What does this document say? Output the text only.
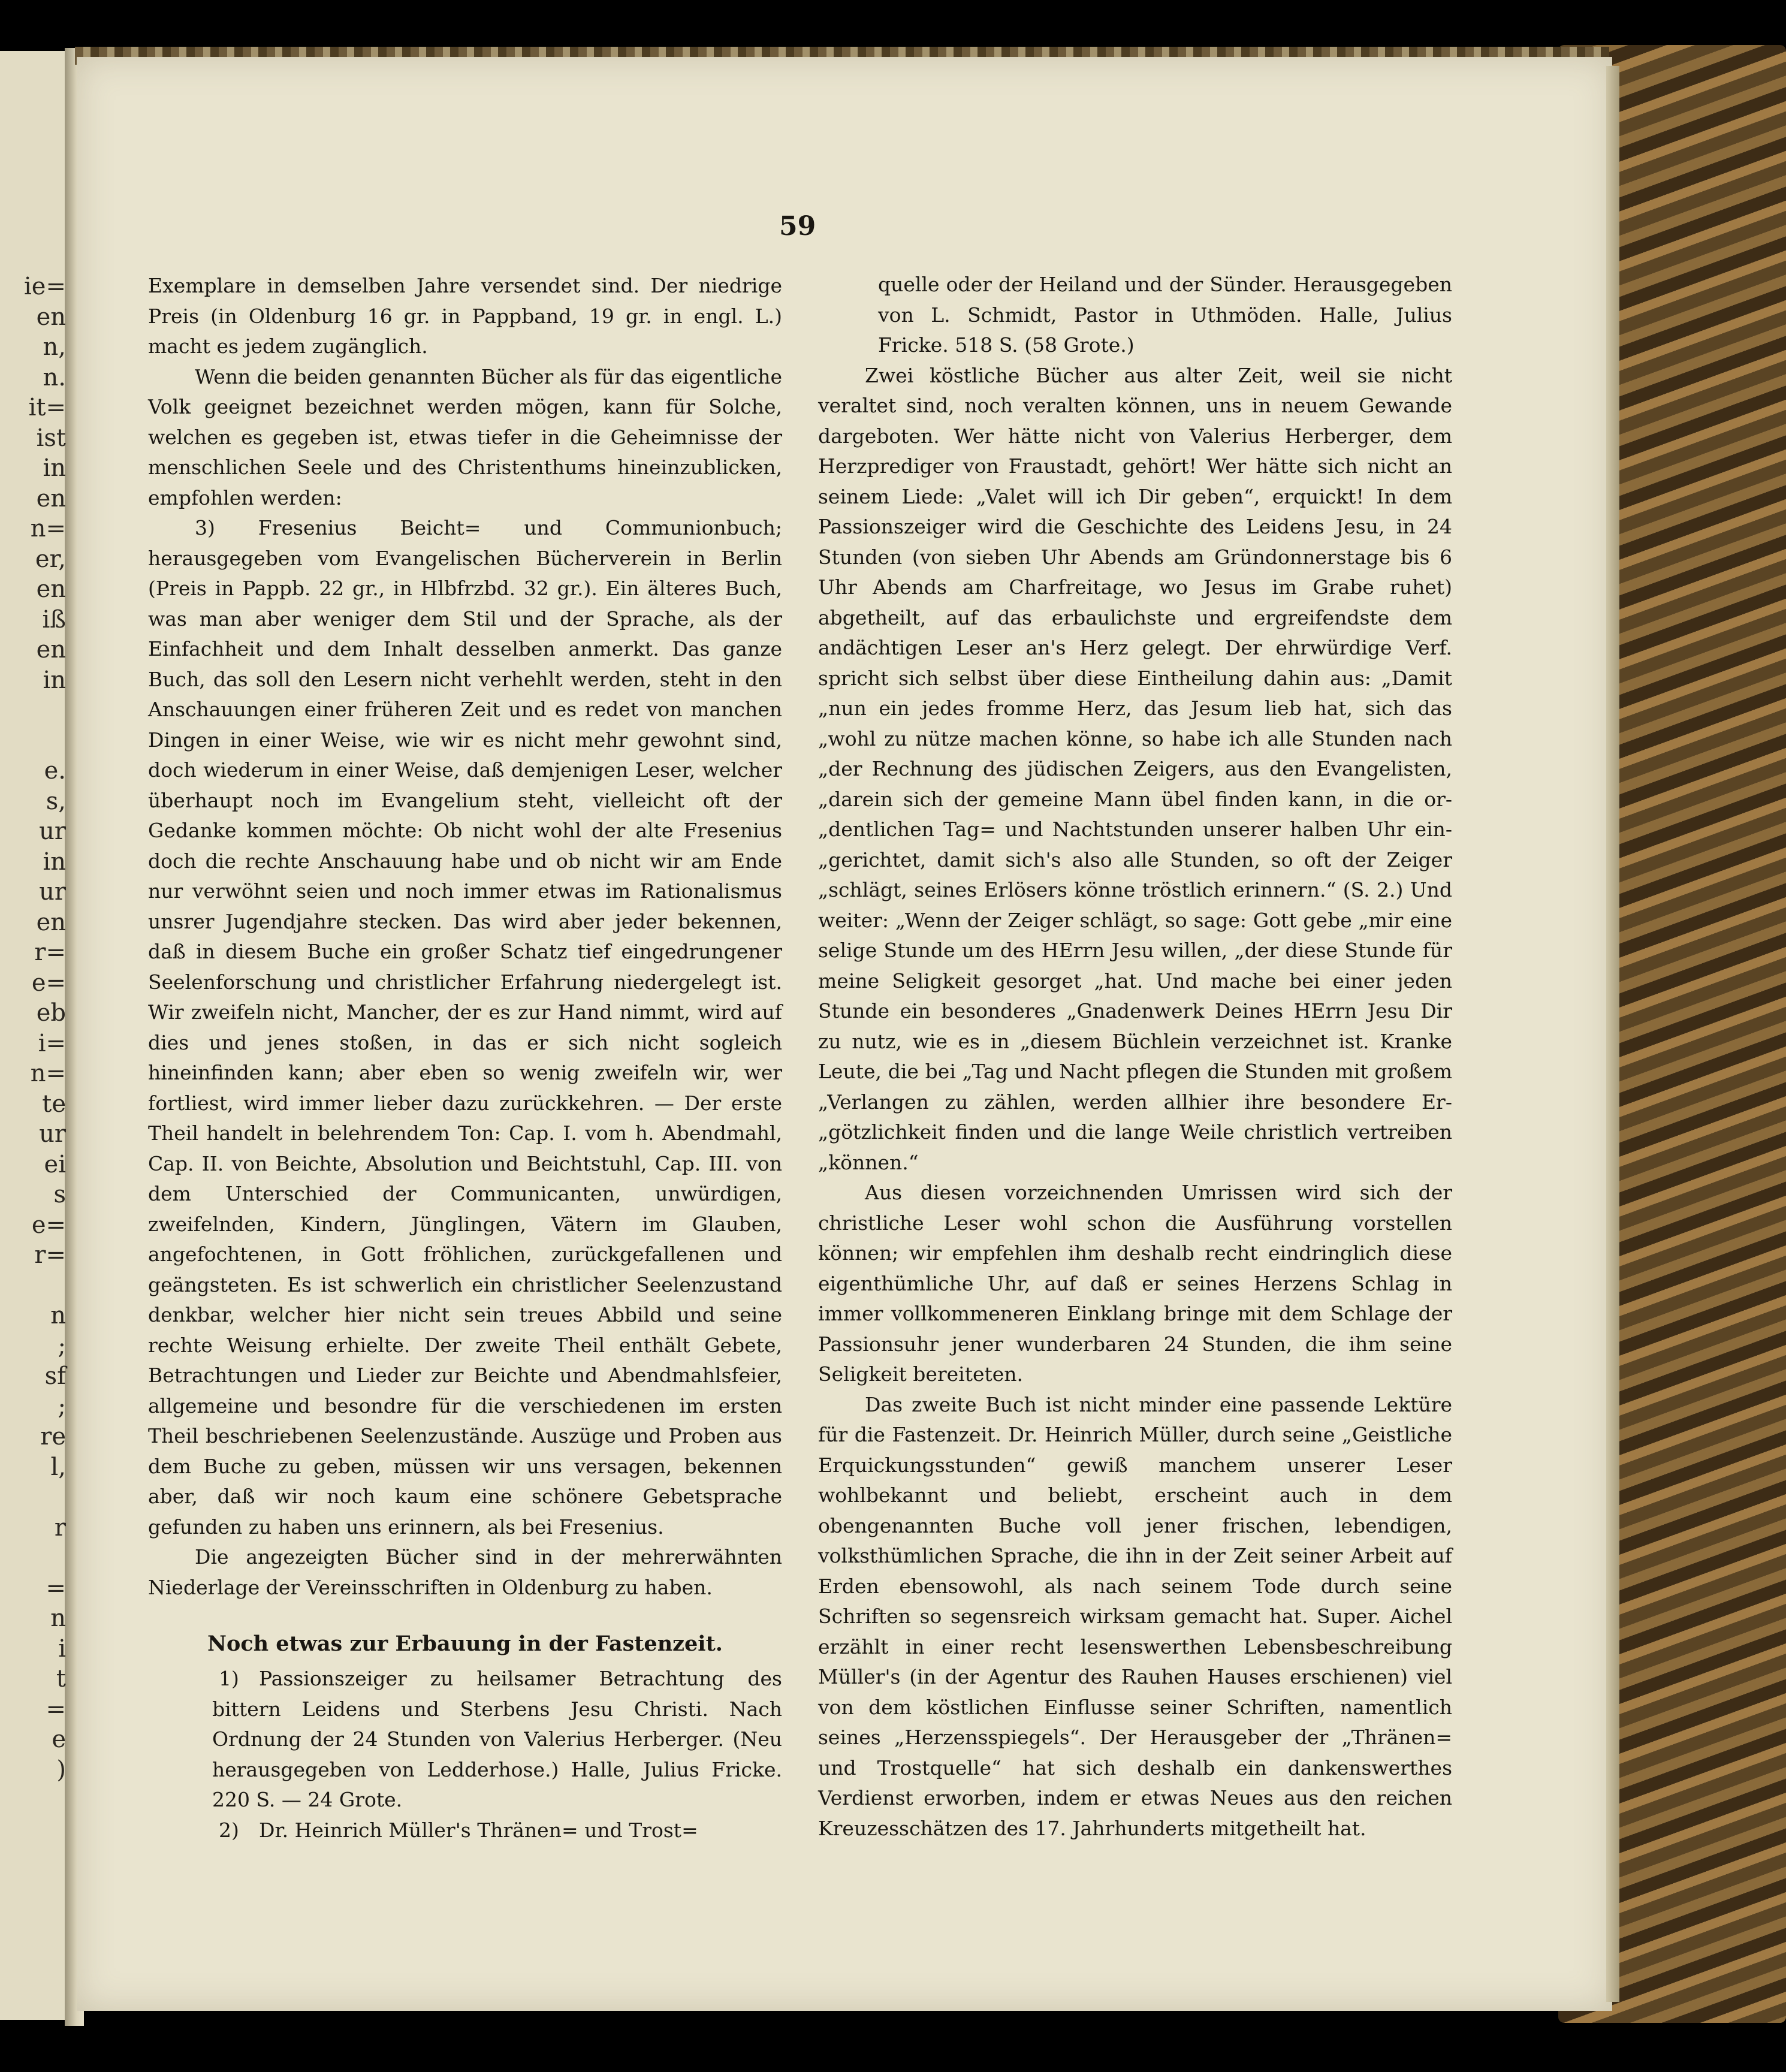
ie=
en
n,
n.
it=
ist
in
en
n=
er,
en
iß
en
in
e.
s,
ur
in
ur
en
r=
e=
eb
i=
n=
te
ur
ei
s
e=
r=
n
;
sf
;
re
l,
r
=
n
i
t
=
e
)
59

Exemplare in demselben Jahre versendet sind. Der niedrige Preis (in Oldenburg 16 gr. in Pappband, 19 gr. in engl. L.) macht es jedem zugänglich.

Wenn die beiden genannten Bücher als für das eigentliche Volk geeignet bezeichnet werden mögen, kann für Solche, welchen es gegeben ist, etwas tiefer in die Geheimnisse der menschlichen Seele und des Christenthums hineinzublicken, empfohlen werden:

3) Fresenius Beicht= und Communionbuch; herausgegeben vom Evangelischen Bücherverein in Berlin (Preis in Pappb. 22 gr., in Hlbfrzbd. 32 gr.). Ein älteres Buch, was man aber weniger dem Stil und der Sprache, als der Einfachheit und dem Inhalt desselben anmerkt. Das ganze Buch, das soll den Lesern nicht verhehlt werden, steht in den Anschauungen einer früheren Zeit und es redet von manchen Dingen in einer Weise, wie wir es nicht mehr gewohnt sind, doch wiederum in einer Weise, daß demjenigen Leser, welcher überhaupt noch im Evangelium steht, vielleicht oft der Gedanke kommen möchte: Ob nicht wohl der alte Fresenius doch die rechte Anschauung habe und ob nicht wir am Ende nur verwöhnt seien und noch immer etwas im Rationalismus unsrer Jugendjahre stecken. Das wird aber jeder bekennen, daß in diesem Buche ein großer Schatz tief eingedrungener Seelenforschung und christlicher Erfahrung niedergelegt ist. Wir zweifeln nicht, Mancher, der es zur Hand nimmt, wird auf dies und jenes stoßen, in das er sich nicht sogleich hineinfinden kann; aber eben so wenig zweifeln wir, wer fortliest, wird immer lieber dazu zurückkehren. — Der erste Theil handelt in belehrendem Ton: Cap. I. vom h. Abendmahl, Cap. II. von Beichte, Absolution und Beichtstuhl, Cap. III. von dem Unterschied der Communicanten, unwürdigen, zweifelnden, Kindern, Jünglingen, Vätern im Glauben, angefochtenen, in Gott fröhlichen, zurückgefallenen und geängsteten. Es ist schwerlich ein christlicher Seelenzustand denkbar, welcher hier nicht sein treues Abbild und seine rechte Weisung erhielte. Der zweite Theil enthält Gebete, Betrachtungen und Lieder zur Beichte und Abendmahlsfeier, allgemeine und besondre für die verschiedenen im ersten Theil beschriebenen Seelenzustände. Auszüge und Proben aus dem Buche zu geben, müssen wir uns versagen, bekennen aber, daß wir noch kaum eine schönere Gebetsprache gefunden zu haben uns erinnern, als bei Fresenius.

Die angezeigten Bücher sind in der mehrerwähnten Niederlage der Vereinsschriften in Oldenburg zu haben.

Noch etwas zur Erbauung in der Fastenzeit.

1) Passionszeiger zu heilsamer Betrachtung des bittern Leidens und Sterbens Jesu Christi. Nach Ordnung der 24 Stunden von Valerius Herberger. (Neu herausgegeben von Ledderhose.) Halle, Julius Fricke. 220 S. — 24 Grote.

2) Dr. Heinrich Müller's Thränen= und Trost=

quelle oder der Heiland und der Sünder. Herausgegeben von L. Schmidt, Pastor in Uthmöden. Halle, Julius Fricke. 518 S. (58 Grote.)

Zwei köstliche Bücher aus alter Zeit, weil sie nicht veraltet sind, noch veralten können, uns in neuem Gewande dargeboten. Wer hätte nicht von Valerius Herberger, dem Herzprediger von Fraustadt, gehört! Wer hätte sich nicht an seinem Liede: „Valet will ich Dir geben“, erquickt! In dem Passionszeiger wird die Geschichte des Leidens Jesu, in 24 Stunden (von sieben Uhr Abends am Gründonnerstage bis 6 Uhr Abends am Charfreitage, wo Jesus im Grabe ruhet) abgetheilt, auf das erbaulichste und ergreifendste dem andächtigen Leser an's Herz gelegt. Der ehrwürdige Verf. spricht sich selbst über diese Eintheilung dahin aus: „Damit „nun ein jedes fromme Herz, das Jesum lieb hat, sich das „wohl zu nütze machen könne, so habe ich alle Stunden nach „der Rechnung des jüdischen Zeigers, aus den Evangelisten, „darein sich der gemeine Mann übel finden kann, in die or- „dentlichen Tag= und Nachtstunden unserer halben Uhr ein- „gerichtet, damit sich's also alle Stunden, so oft der Zeiger „schlägt, seines Erlösers könne tröstlich erinnern.“ (S. 2.) Und weiter: „Wenn der Zeiger schlägt, so sage: Gott gebe „mir eine selige Stunde um des HErrn Jesu willen, „der diese Stunde für meine Seligkeit gesorget „hat. Und mache bei einer jeden Stunde ein besonderes „Gnadenwerk Deines HErrn Jesu Dir zu nutz, wie es in „diesem Büchlein verzeichnet ist. Kranke Leute, die bei „Tag und Nacht pflegen die Stunden mit großem „Verlangen zu zählen, werden allhier ihre besondere Er- „götzlichkeit finden und die lange Weile christlich vertreiben „können.“

Aus diesen vorzeichnenden Umrissen wird sich der christliche Leser wohl schon die Ausführung vorstellen können; wir empfehlen ihm deshalb recht eindringlich diese eigenthümliche Uhr, auf daß er seines Herzens Schlag in immer vollkommeneren Einklang bringe mit dem Schlage der Passionsuhr jener wunderbaren 24 Stunden, die ihm seine Seligkeit bereiteten.

Das zweite Buch ist nicht minder eine passende Lektüre für die Fastenzeit. Dr. Heinrich Müller, durch seine „Geistliche Erquickungsstunden“ gewiß manchem unserer Leser wohlbekannt und beliebt, erscheint auch in dem obengenannten Buche voll jener frischen, lebendigen, volksthümlichen Sprache, die ihn in der Zeit seiner Arbeit auf Erden ebensowohl, als nach seinem Tode durch seine Schriften so segensreich wirksam gemacht hat. Super. Aichel erzählt in einer recht lesenswerthen Lebensbeschreibung Müller's (in der Agentur des Rauhen Hauses erschienen) viel von dem köstlichen Einflusse seiner Schriften, namentlich seines „Herzensspiegels“. Der Herausgeber der „Thränen= und Trostquelle“ hat sich deshalb ein dankenswerthes Verdienst erworben, indem er etwas Neues aus den reichen Kreuzesschätzen des 17. Jahrhunderts mitgetheilt hat.
